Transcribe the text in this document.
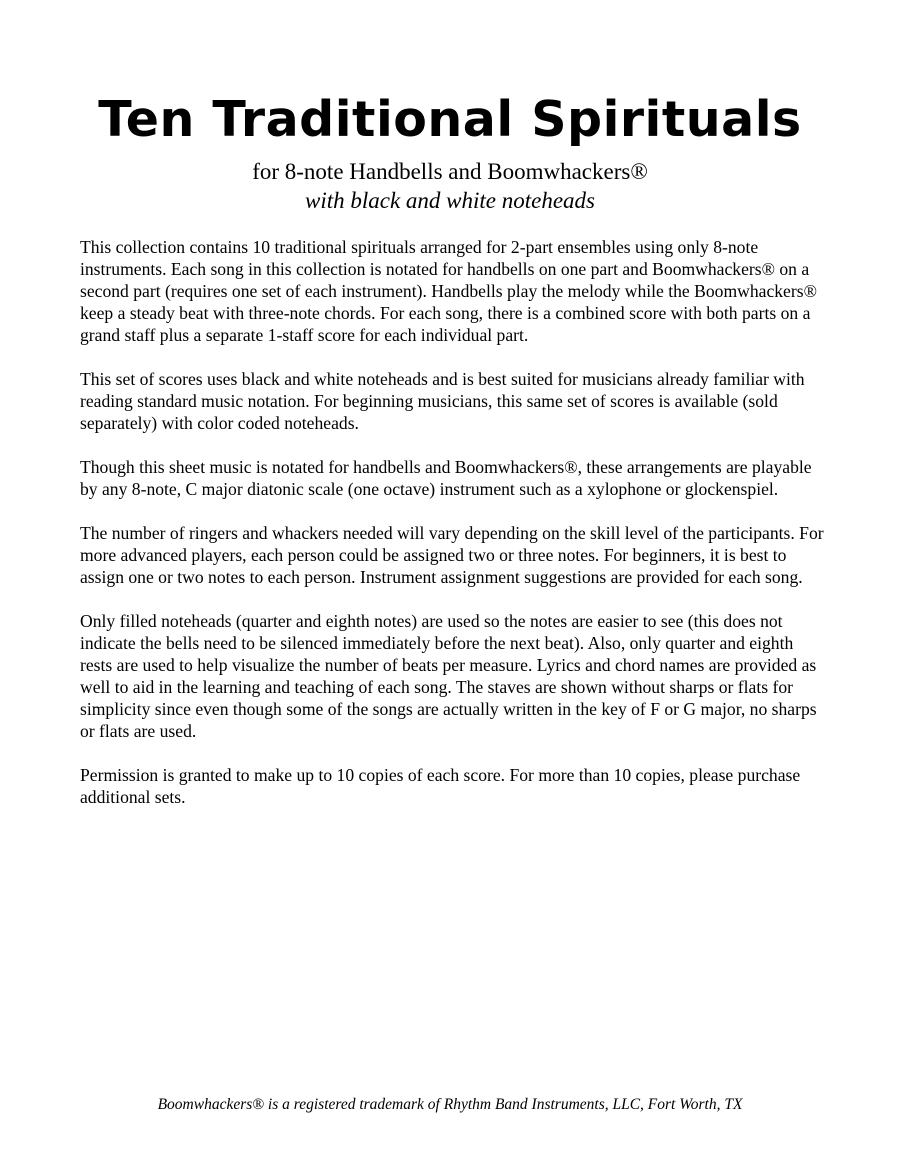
Ten Traditional Spirituals
for 8-note Handbells and Boomwhackers®
with black and white noteheads

This collection contains 10 traditional spirituals arranged for 2-part ensembles using only 8-note instruments. Each song in this collection is notated for handbells on one part and Boomwhackers® on a second part (requires one set of each instrument). Handbells play the melody while the Boomwhackers® keep a steady beat with three-note chords. For each song, there is a combined score with both parts on a grand staff plus a separate 1-staff score for each individual part.

This set of scores uses black and white noteheads and is best suited for musicians already familiar with reading standard music notation. For beginning musicians, this same set of scores is available (sold separately) with color coded noteheads.

Though this sheet music is notated for handbells and Boomwhackers®, these arrangements are playable by any 8-note, C major diatonic scale (one octave) instrument such as a xylophone or glockenspiel.

The number of ringers and whackers needed will vary depending on the skill level of the participants. For more advanced players, each person could be assigned two or three notes. For beginners, it is best to assign one or two notes to each person. Instrument assignment suggestions are provided for each song.

Only filled noteheads (quarter and eighth notes) are used so the notes are easier to see (this does not indicate the bells need to be silenced immediately before the next beat). Also, only quarter and eighth rests are used to help visualize the number of beats per measure. Lyrics and chord names are provided as well to aid in the learning and teaching of each song. The staves are shown without sharps or flats for simplicity since even though some of the songs are actually written in the key of F or G major, no sharps or flats are used.

Permission is granted to make up to 10 copies of each score. For more than 10 copies, please purchase additional sets.

Boomwhackers® is a registered trademark of Rhythm Band Instruments, LLC, Fort Worth, TX
